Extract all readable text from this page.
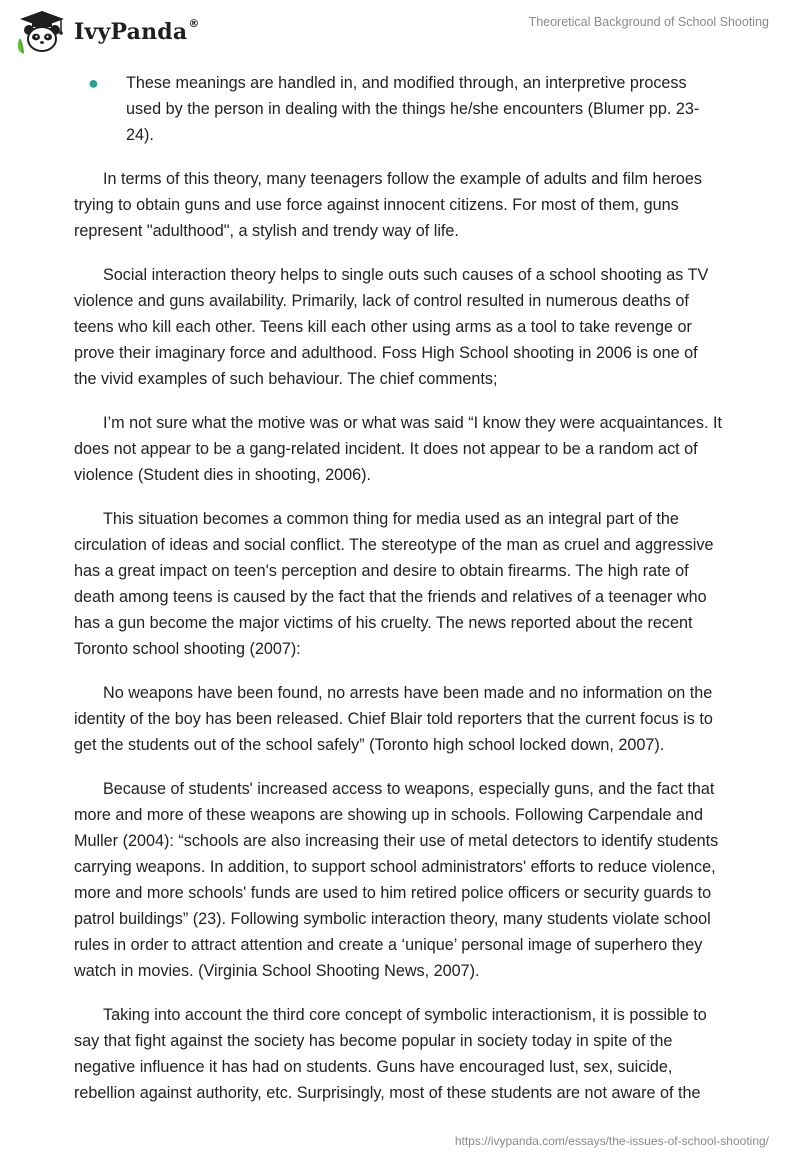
IvyPanda®	Theoretical Background of School Shooting
● These meanings are handled in, and modified through, an interpretive process used by the person in dealing with the things he/she encounters (Blumer pp. 23-24).

In terms of this theory, many teenagers follow the example of adults and film heroes trying to obtain guns and use force against innocent citizens. For most of them, guns represent "adulthood", a stylish and trendy way of life.

Social interaction theory helps to single outs such causes of a school shooting as TV violence and guns availability. Primarily, lack of control resulted in numerous deaths of teens who kill each other. Teens kill each other using arms as a tool to take revenge or prove their imaginary force and adulthood. Foss High School shooting in 2006 is one of the vivid examples of such behaviour. The chief comments;

I’m not sure what the motive was or what was said “I know they were acquaintances. It does not appear to be a gang-related incident. It does not appear to be a random act of violence (Student dies in shooting, 2006).

This situation becomes a common thing for media used as an integral part of the circulation of ideas and social conflict. The stereotype of the man as cruel and aggressive has a great impact on teen's perception and desire to obtain firearms. The high rate of death among teens is caused by the fact that the friends and relatives of a teenager who has a gun become the major victims of his cruelty. The news reported about the recent Toronto school shooting (2007):

No weapons have been found, no arrests have been made and no information on the identity of the boy has been released. Chief Blair told reporters that the current focus is to get the students out of the school safely” (Toronto high school locked down, 2007).

Because of students' increased access to weapons, especially guns, and the fact that more and more of these weapons are showing up in schools. Following Carpendale and Muller (2004): “schools are also increasing their use of metal detectors to identify students carrying weapons. In addition, to support school administrators' efforts to reduce violence, more and more schools' funds are used to him retired police officers or security guards to patrol buildings” (23). Following symbolic interaction theory, many students violate school rules in order to attract attention and create a ‘unique’ personal image of superhero they watch in movies. (Virginia School Shooting News, 2007).

Taking into account the third core concept of symbolic interactionism, it is possible to say that fight against the society has become popular in society today in spite of the negative influence it has had on students. Guns have encouraged lust, sex, suicide, rebellion against authority, etc. Surprisingly, most of these students are not aware of the

https://ivypanda.com/essays/the-issues-of-school-shooting/
